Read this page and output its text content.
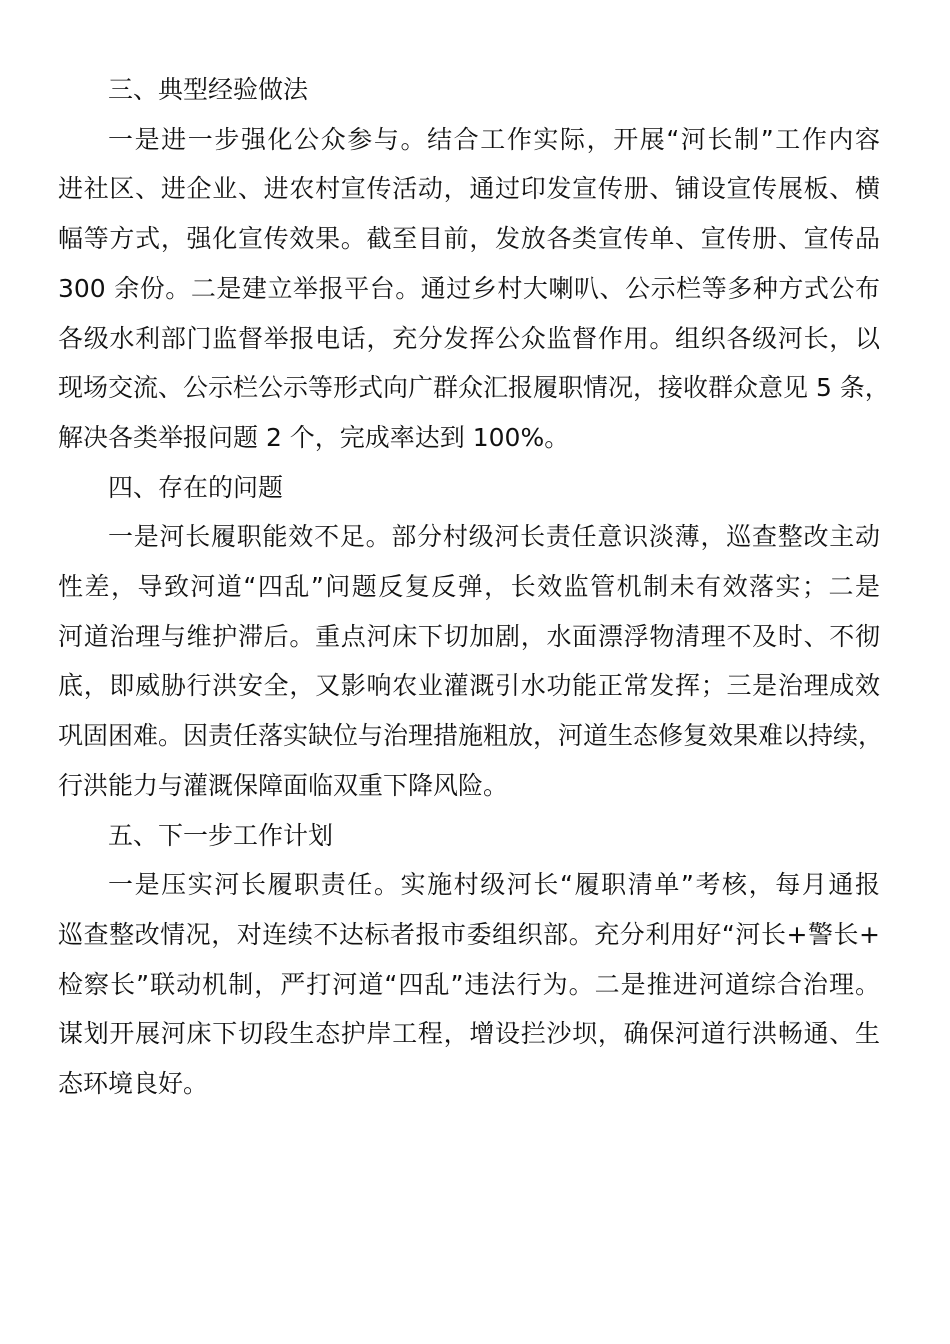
三、典型经验做法
一是进一步强化公众参与。结合工作实际，开展“河长制”工作内容
进社区、进企业、进农村宣传活动，通过印发宣传册、铺设宣传展板、横
幅等方式，强化宣传效果。截至目前，发放各类宣传单、宣传册、宣传品
300 余份。二是建立举报平台。通过乡村大喇叭、公示栏等多种方式公布
各级水利部门监督举报电话，充分发挥公众监督作用。组织各级河长，以
现场交流、公示栏公示等形式向广群众汇报履职情况，接收群众意见 5 条，
解决各类举报问题 2 个，完成率达到 100%。
四、存在的问题
一是河长履职能效不足。部分村级河长责任意识淡薄，巡查整改主动
性差，导致河道“四乱”问题反复反弹，长效监管机制未有效落实；二是
河道治理与维护滞后。重点河床下切加剧，水面漂浮物清理不及时、不彻
底，即威胁行洪安全，又影响农业灌溉引水功能正常发挥；三是治理成效
巩固困难。因责任落实缺位与治理措施粗放，河道生态修复效果难以持续，
行洪能力与灌溉保障面临双重下降风险。
五、下一步工作计划
一是压实河长履职责任。实施村级河长“履职清单”考核，每月通报
巡查整改情况，对连续不达标者报市委组织部。充分利用好“河长+警长+
检察长”联动机制，严打河道“四乱”违法行为。二是推进河道综合治理。
谋划开展河床下切段生态护岸工程，增设拦沙坝，确保河道行洪畅通、生
态环境良好。
